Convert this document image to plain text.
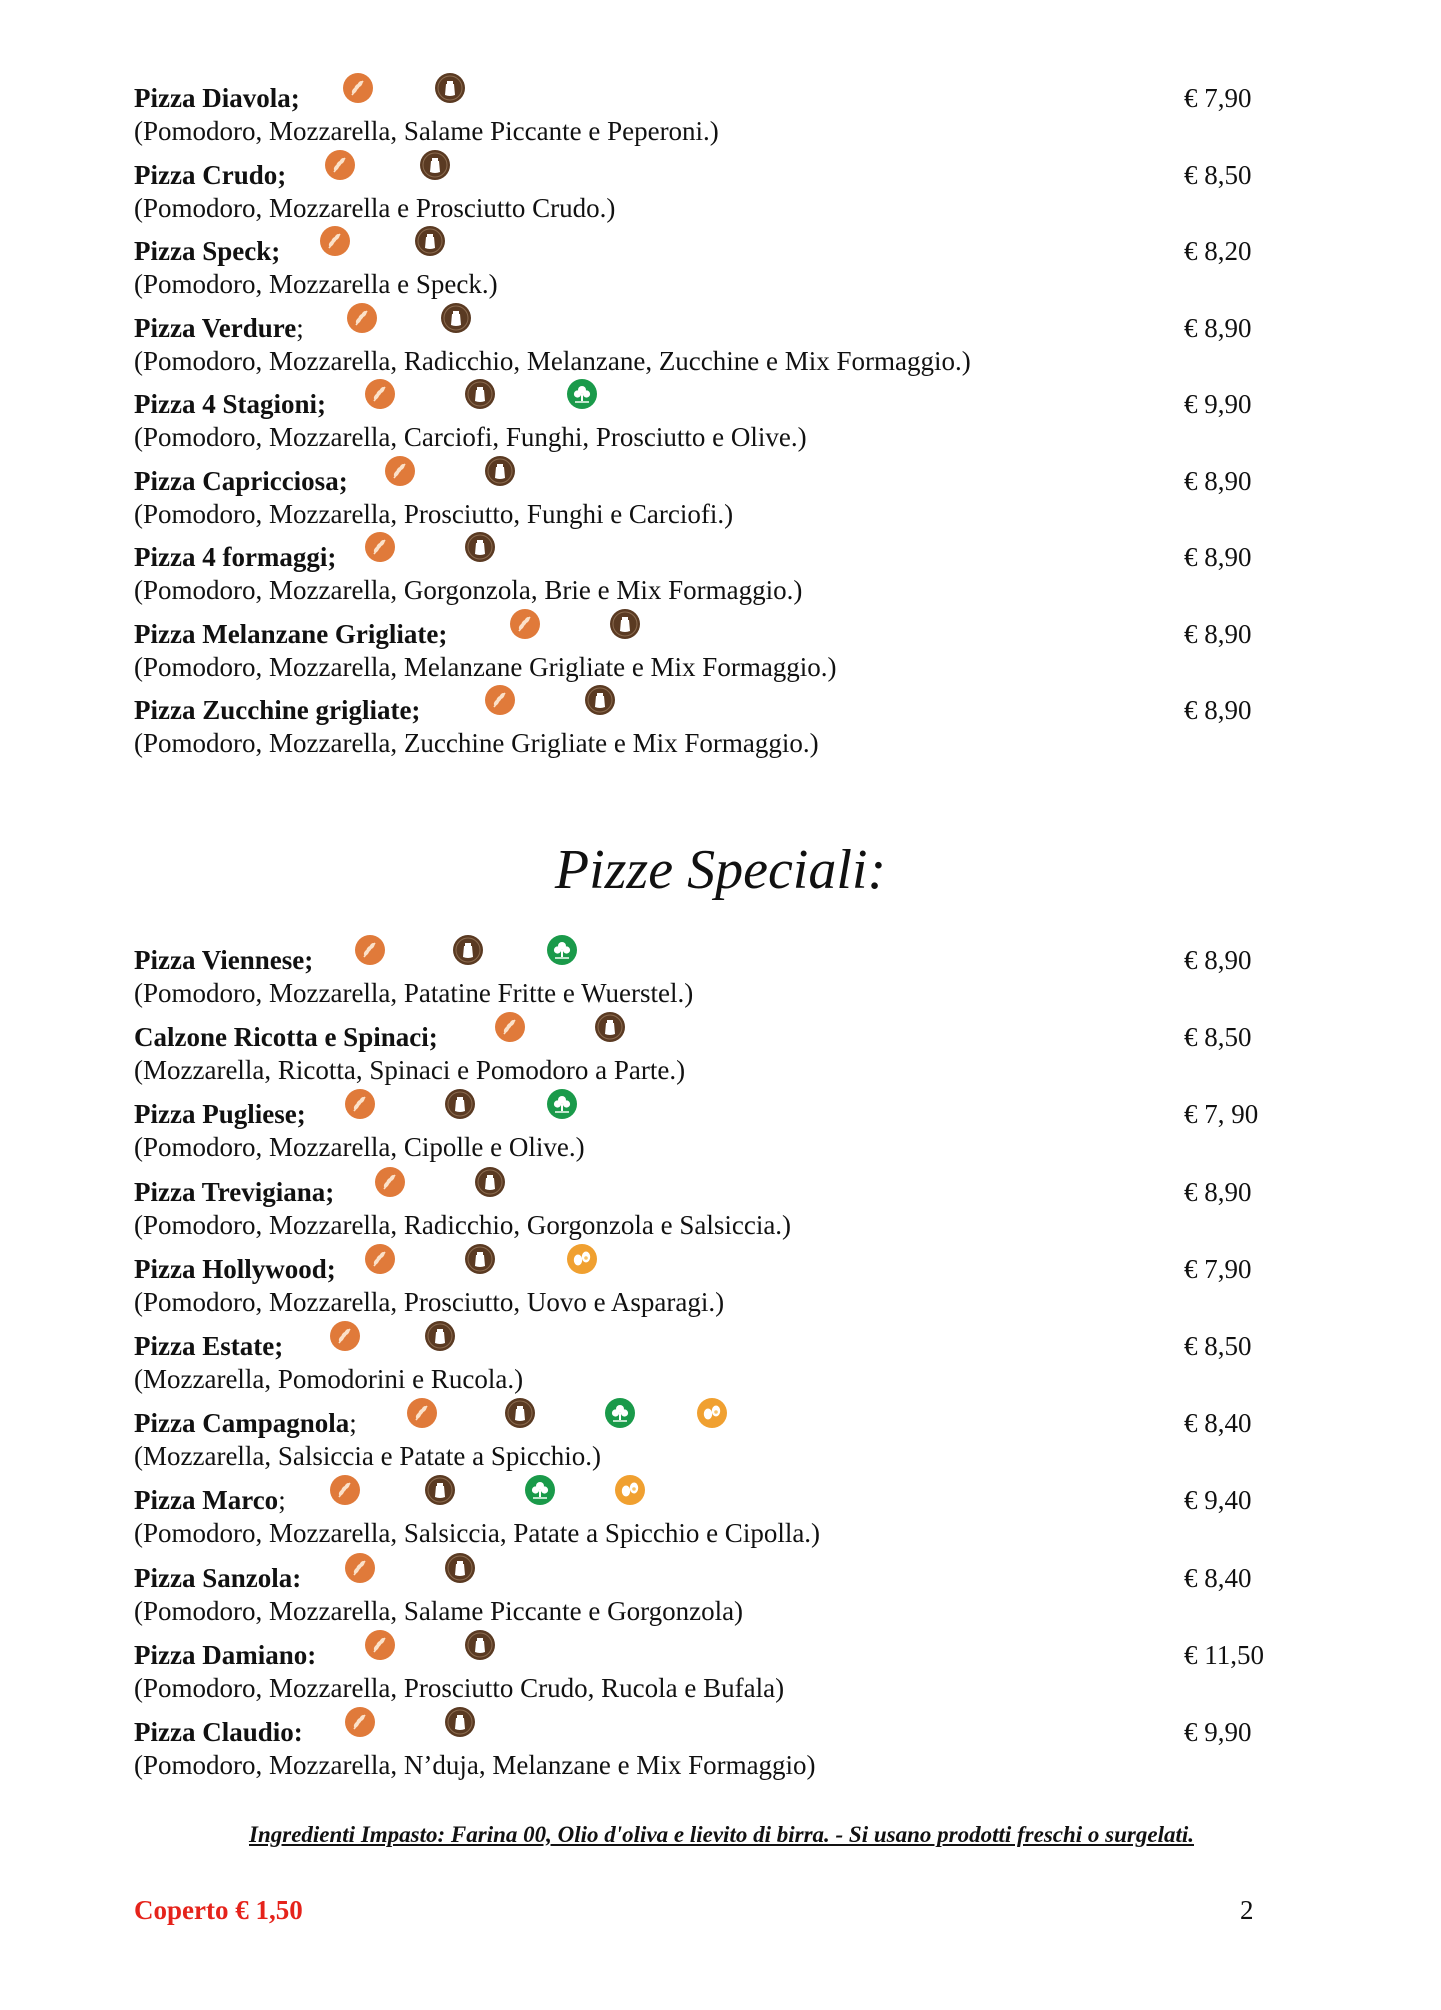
Pizza Diavola;	€ 7,90
(Pomodoro, Mozzarella, Salame Piccante e Peperoni.)
Pizza Crudo;	€ 8,50
(Pomodoro, Mozzarella e Prosciutto Crudo.)
Pizza Speck;	€ 8,20
(Pomodoro, Mozzarella e Speck.)
Pizza Verdure;	€ 8,90
(Pomodoro, Mozzarella, Radicchio, Melanzane, Zucchine e Mix Formaggio.)
Pizza 4 Stagioni;	€ 9,90
(Pomodoro, Mozzarella, Carciofi, Funghi, Prosciutto e Olive.)
Pizza Capricciosa;	€ 8,90
(Pomodoro, Mozzarella, Prosciutto, Funghi e Carciofi.)
Pizza 4 formaggi;	€ 8,90
(Pomodoro, Mozzarella, Gorgonzola, Brie e Mix Formaggio.)
Pizza Melanzane Grigliate;	€ 8,90
(Pomodoro, Mozzarella, Melanzane Grigliate e Mix Formaggio.)
Pizza Zucchine grigliate;	€ 8,90
(Pomodoro, Mozzarella, Zucchine Grigliate e Mix Formaggio.)
Pizze Speciali:
Pizza Viennese;	€ 8,90
(Pomodoro, Mozzarella, Patatine Fritte e Wuerstel.)
Calzone Ricotta e Spinaci;	€ 8,50
(Mozzarella, Ricotta, Spinaci e Pomodoro a Parte.)
Pizza Pugliese;	€ 7, 90
(Pomodoro, Mozzarella, Cipolle e Olive.)
Pizza Trevigiana;	€ 8,90
(Pomodoro, Mozzarella, Radicchio, Gorgonzola e Salsiccia.)
Pizza Hollywood;	€ 7,90
(Pomodoro, Mozzarella, Prosciutto, Uovo e Asparagi.)
Pizza Estate;	€ 8,50
(Mozzarella, Pomodorini e Rucola.)
Pizza Campagnola;	€ 8,40
(Mozzarella, Salsiccia e Patate a Spicchio.)
Pizza Marco;	€ 9,40
(Pomodoro, Mozzarella, Salsiccia, Patate a Spicchio e Cipolla.)
Pizza Sanzola:	€ 8,40
(Pomodoro, Mozzarella, Salame Piccante e Gorgonzola)
Pizza Damiano:	€ 11,50
(Pomodoro, Mozzarella, Prosciutto Crudo, Rucola e Bufala)
Pizza Claudio:	€ 9,90
(Pomodoro, Mozzarella, N’duja, Melanzane e Mix Formaggio)
Ingredienti Impasto: Farina 00, Olio d'oliva e lievito di birra. - Si usano prodotti freschi o surgelati.
Coperto € 1,50	2
